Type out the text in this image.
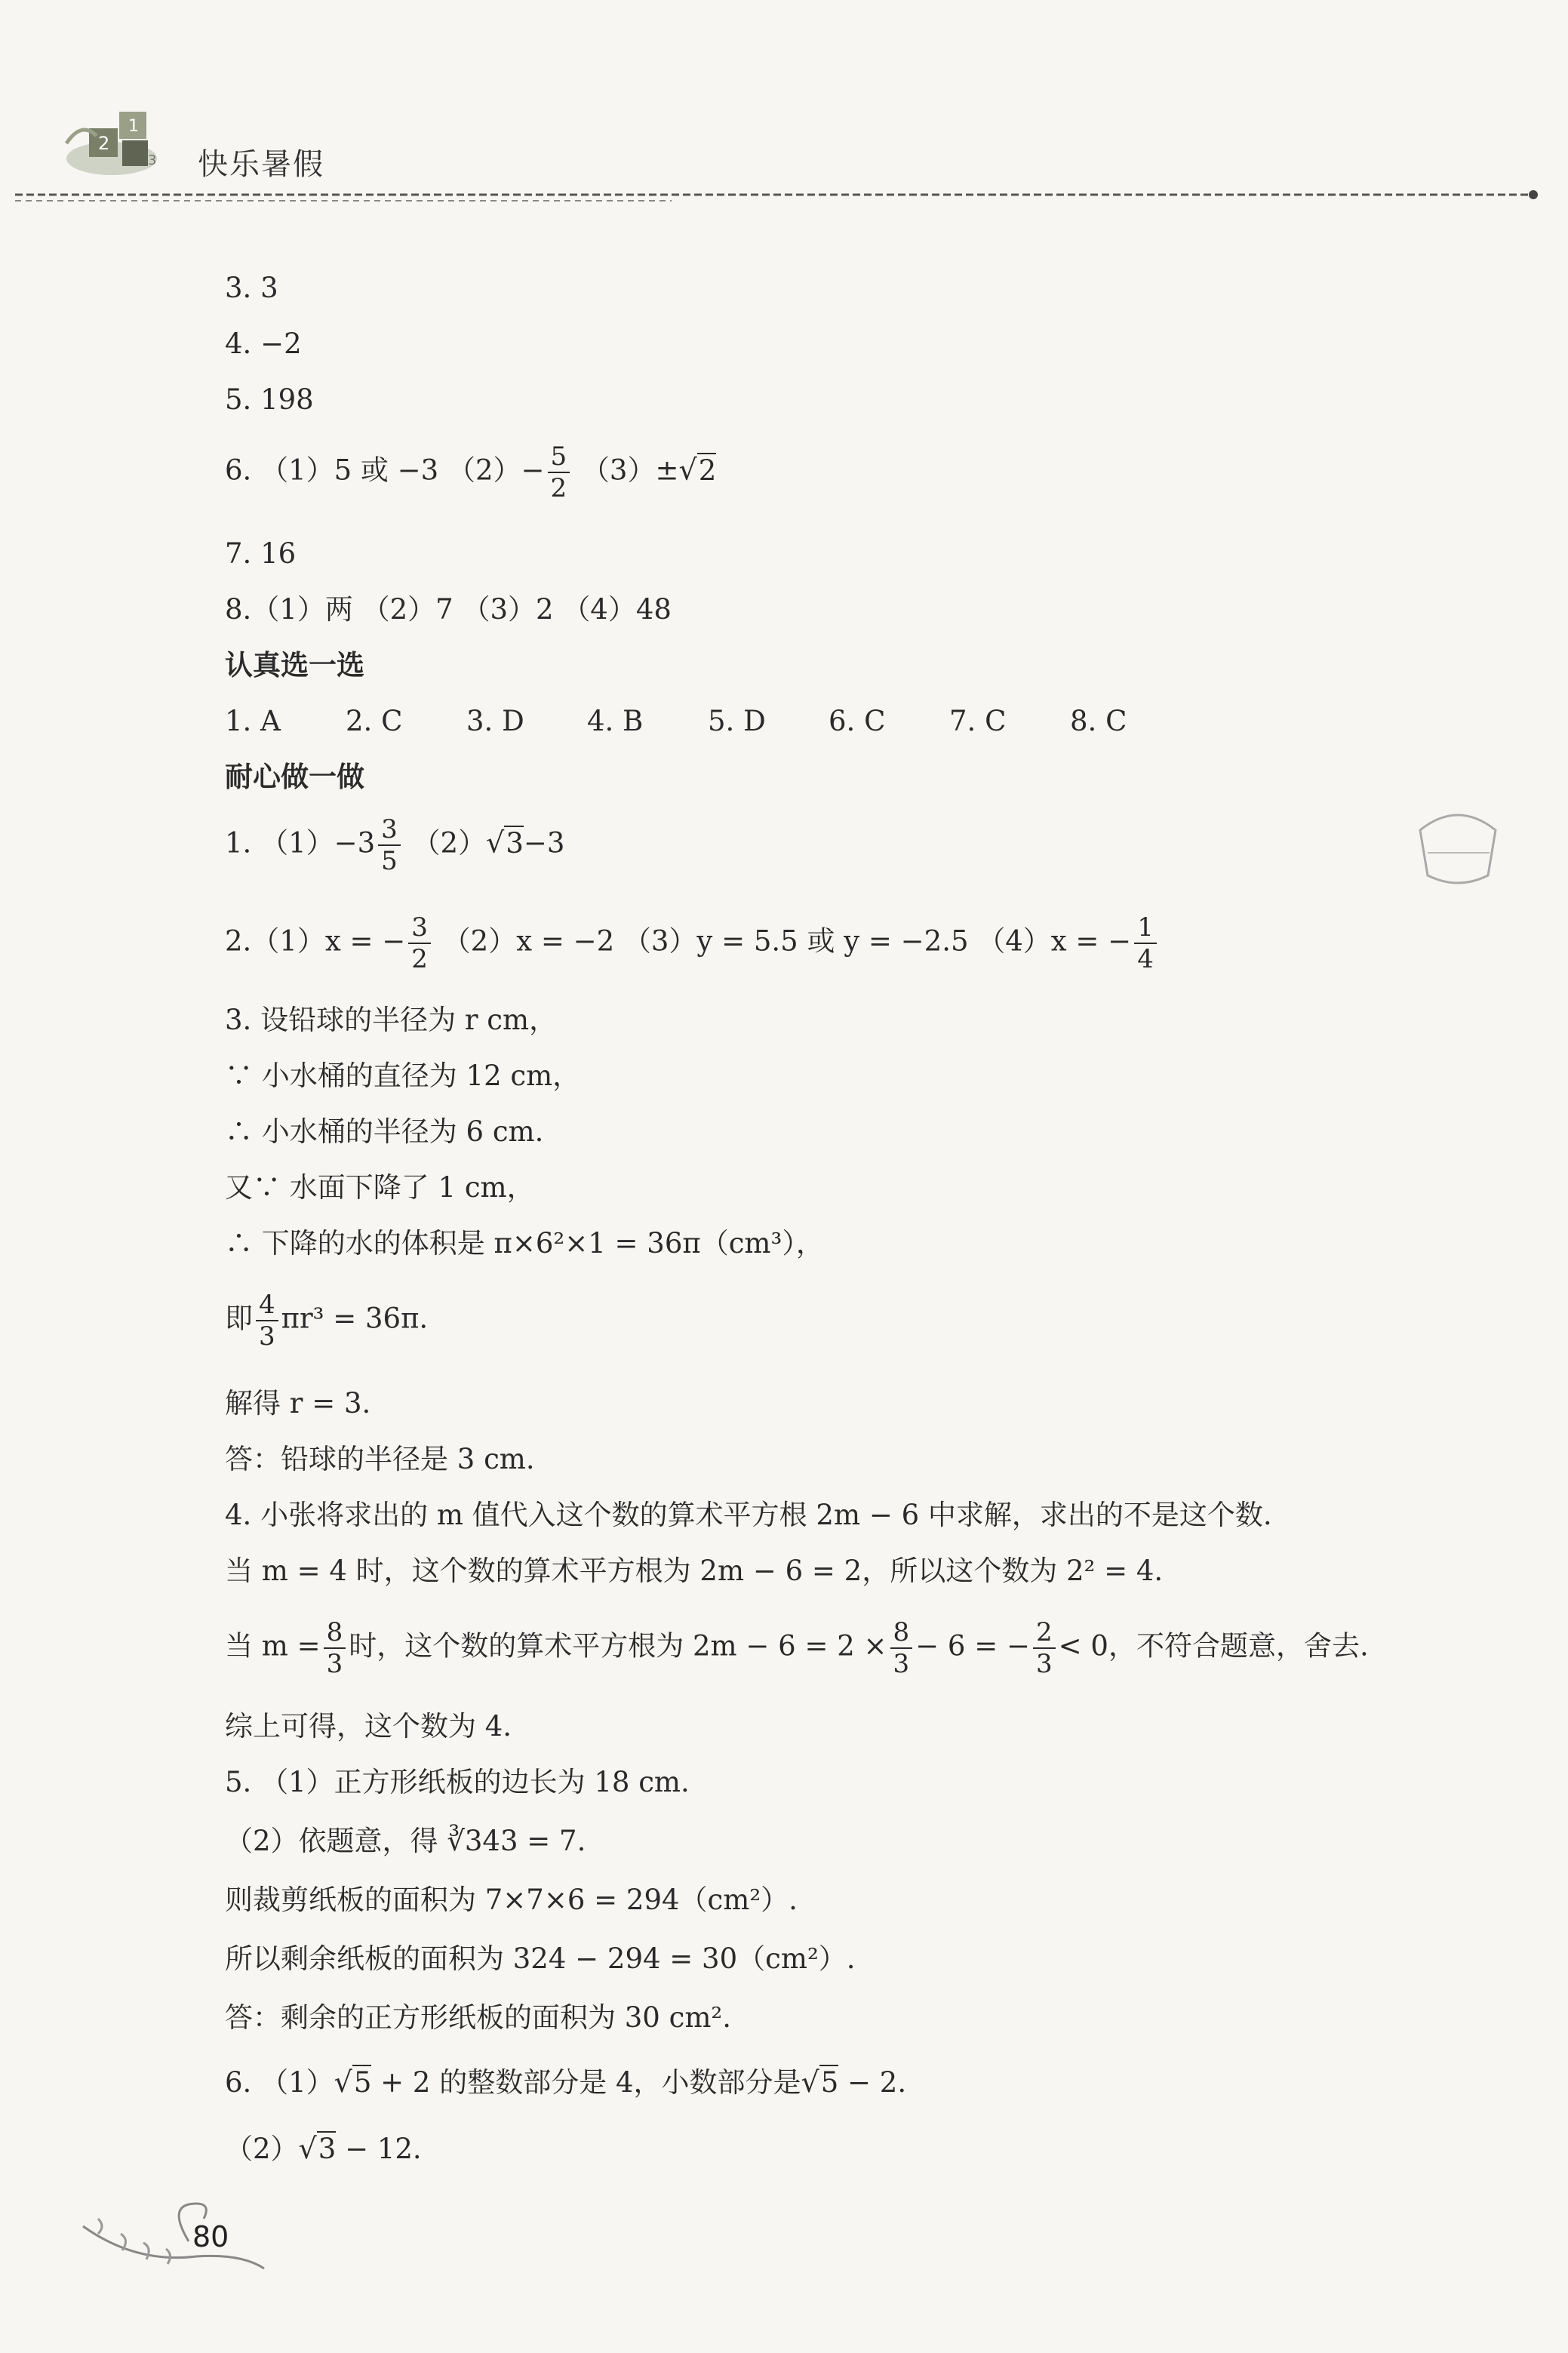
2
1
3 快乐暑假
3. 3
4. −2
5. 198
6. （1）5 或 −3 $(2)- \frac{5}{2} (3)\pm√2$
7. 16
8.（1）两 （2）7 （3）2 （4）48
认真选一选
1. A 2. C 3. D 4. B 5. D 6. C 7. C 8. C
耐心做一做
1. $(1)-3 \frac{3}{5} (2)√3-3$
2.（1）x = − $\frac{3}{2} (2)x = -2$ （3）y = 5.5 或 y = −2.5 （4）x = − $\frac{1}{4}$
3. 设铅球的半径为 r cm，
∵ 小水桶的直径为 12 cm，
∴ 小水桶的半径为 6 cm.
又∵ 水面下降了 1 cm，
∴ 下降的水的体积是 π×6²×1 = 36π（cm³），
即 $\frac{4}{3} \pi r^3 = 36\pi$.
解得 r = 3.
答：铅球的半径是 3 cm.
4. 小张将求出的 m 值代入这个数的算术平方根 2m − 6 中求解，求出的不是这个数.
当 m = 4 时，这个数的算术平方根为 2m − 6 = 2，所以这个数为 2² = 4.
当 $m = \frac{8}{3}$ 时，这个数的算术平方根为 $2m - 6 = 2 \times \frac{8}{3} - 6$ = − $\frac{2}{3} < 0$，不符合题意，舍去.
综上可得，这个数为 4.
5. （1）正方形纸板的边长为 18 cm.
（2）依题意，得 ∛343 = 7.
则裁剪纸板的面积为 7×7×6 = 294（cm²）.
所以剩余纸板的面积为 324 − 294 = 30（cm²）.
答：剩余的正方形纸板的面积为 30 cm².
6. （1）√5 + 2 的整数部分是 4，小数部分是√5 − 2.
（2）√3 − 12.
80
